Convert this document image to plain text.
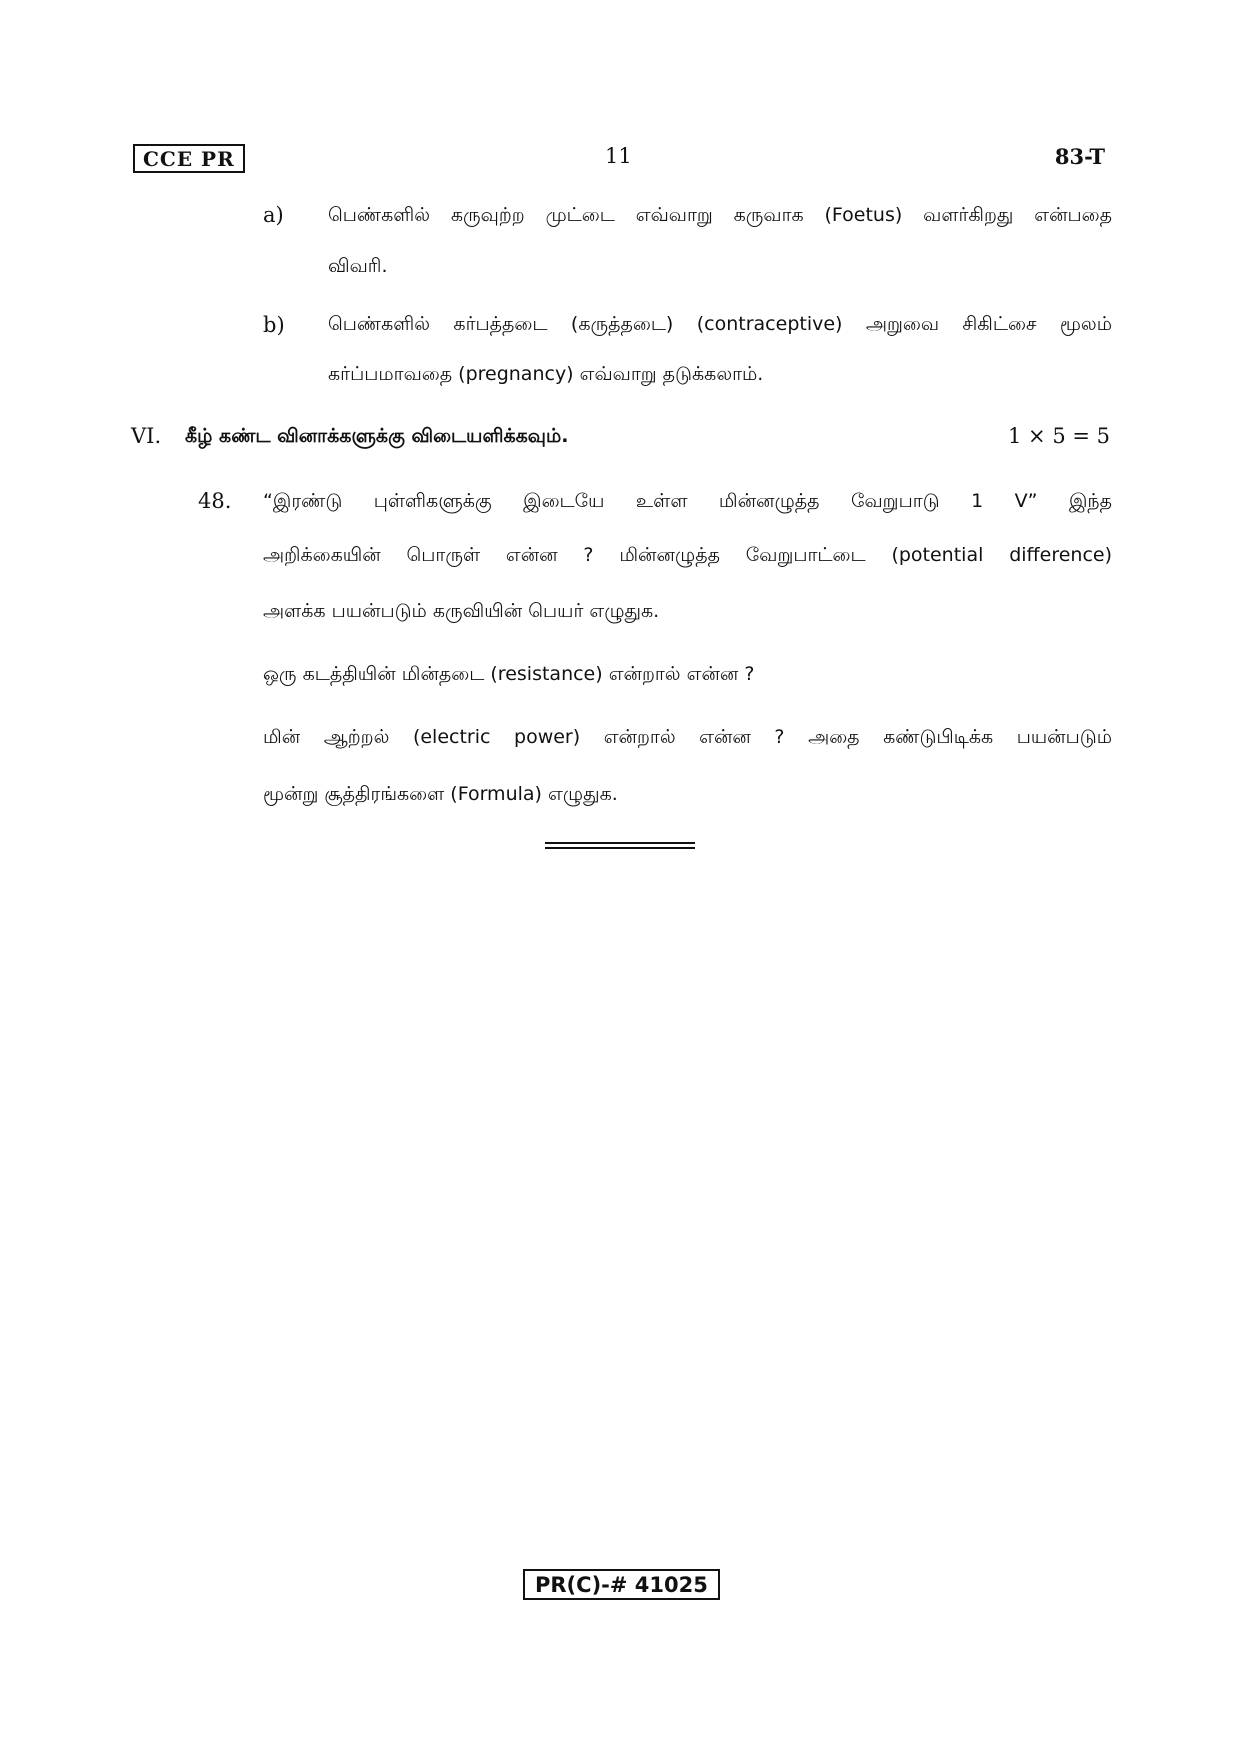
CCE PR	11	83-T
a) பெண்களில் கருவுற்ற முட்டை எவ்வாறு கருவாக (Foetus) வளர்கிறது என்பதை
விவரி.
b) பெண்களில் கர்பத்தடை (கருத்தடை) (contraceptive) அறுவை சிகிட்சை மூலம்
கர்ப்பமாவதை (pregnancy) எவ்வாறு தடுக்கலாம்.
VI. கீழ் கண்ட வினாக்களுக்கு விடையளிக்கவும்.	1 × 5 = 5
48. “இரண்டு புள்ளிகளுக்கு இடையே உள்ள மின்னழுத்த வேறுபாடு 1 V” இந்த
அறிக்கையின் பொருள் என்ன ? மின்னழுத்த வேறுபாட்டை (potential difference)
அளக்க பயன்படும் கருவியின் பெயர் எழுதுக.
ஒரு கடத்தியின் மின்தடை (resistance) என்றால் என்ன ?
மின் ஆற்றல் (electric power) என்றால் என்ன ? அதை கண்டுபிடிக்க பயன்படும்
மூன்று சூத்திரங்களை (Formula) எழுதுக.
PR(C)-# 41025
